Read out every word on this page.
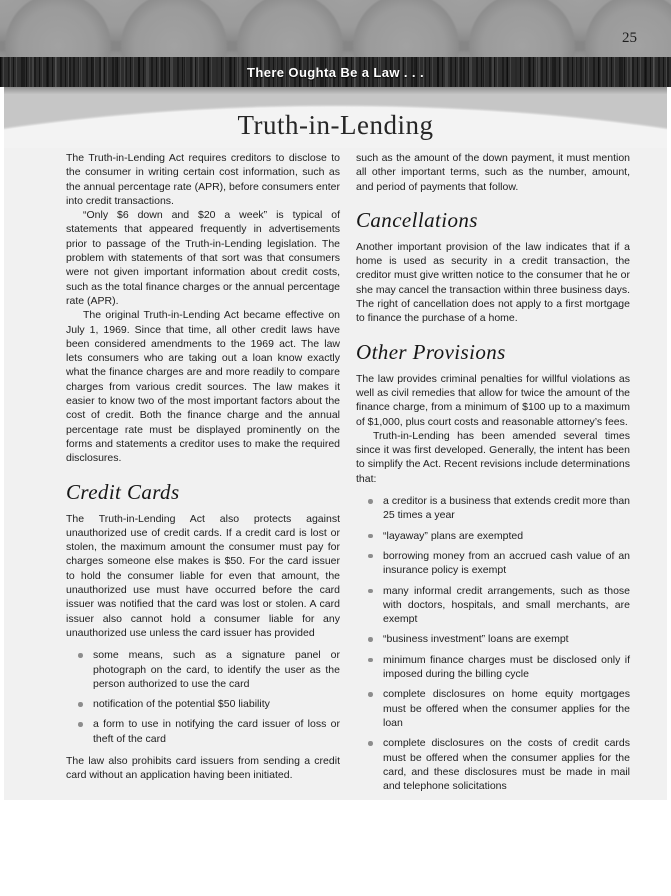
25
There Oughta Be a Law . . .
Truth-in-Lending

The Truth-in-Lending Act requires creditors to disclose to the consumer in writing certain cost information, such as the annual percentage rate (APR), before consumers enter into credit transactions.

“Only $6 down and $20 a week” is typical of statements that appeared frequently in advertisements prior to passage of the Truth-in-Lending legislation. The problem with statements of that sort was that consumers were not given important information about credit costs, such as the total finance charges or the annual percentage rate (APR).

The original Truth-in-Lending Act became effective on July 1, 1969. Since that time, all other credit laws have been considered amendments to the 1969 act. The law lets consumers who are taking out a loan know exactly what the finance charges are and more readily to compare charges from various credit sources. The law makes it easier to know two of the most important factors about the cost of credit. Both the finance charge and the annual percentage rate must be displayed prominently on the forms and statements a creditor uses to make the required disclosures.

Credit Cards

The Truth-in-Lending Act also protects against unauthorized use of credit cards. If a credit card is lost or stolen, the maximum amount the consumer must pay for charges someone else makes is $50. For the card issuer to hold the consumer liable for even that amount, the unauthorized use must have occurred before the card issuer was notified that the card was lost or stolen. A card issuer also cannot hold a consumer liable for any unauthorized use unless the card issuer has provided

some means, such as a signature panel or photograph on the card, to identify the user as the person authorized to use the card
notification of the potential $50 liability
a form to use in notifying the card issuer of loss or theft of the card

The law also prohibits card issuers from sending a credit card without an application having been initiated.

such as the amount of the down payment, it must mention all other important terms, such as the number, amount, and period of payments that follow.

Cancellations

Another important provision of the law indicates that if a home is used as security in a credit transaction, the creditor must give written notice to the consumer that he or she may cancel the transaction within three business days. The right of cancellation does not apply to a first mortgage to finance the purchase of a home.

Other Provisions

The law provides criminal penalties for willful violations as well as civil remedies that allow for twice the amount of the finance charge, from a minimum of $100 up to a maximum of $1,000, plus court costs and reasonable attorney’s fees.

Truth-in-Lending has been amended several times since it was first developed. Generally, the intent has been to simplify the Act. Recent revisions include determinations that:

a creditor is a business that extends credit more than 25 times a year
“layaway” plans are exempted
borrowing money from an accrued cash value of an insurance policy is exempt
many informal credit arrangements, such as those with doctors, hospitals, and small merchants, are exempt
“business investment” loans are exempt
minimum finance charges must be disclosed only if imposed during the billing cycle
complete disclosures on home equity mortgages must be offered when the consumer applies for the loan
complete disclosures on the costs of credit cards must be offered when the consumer applies for the card, and these disclosures must be made in mail and telephone solicitations
